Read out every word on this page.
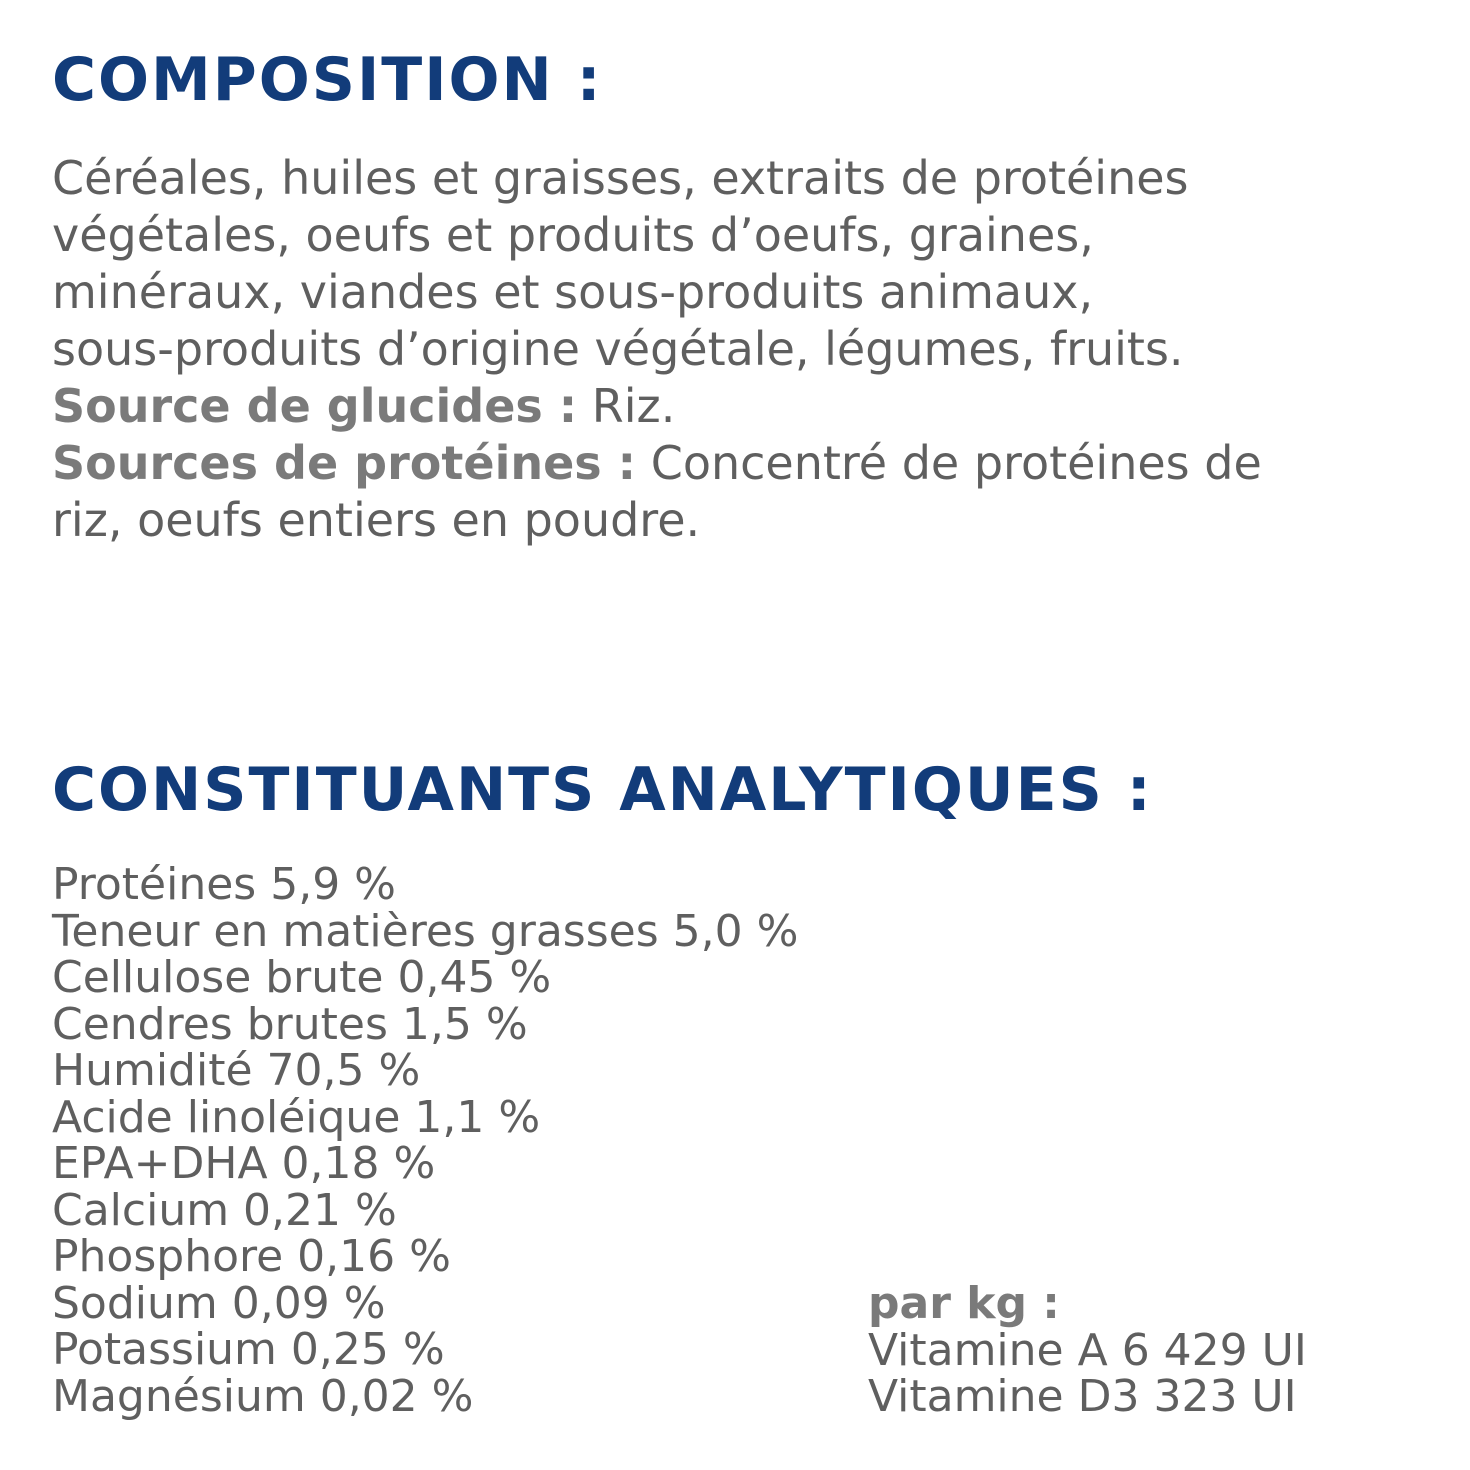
COMPOSITION :
Céréales, huiles et graisses, extraits de protéines
végétales, oeufs et produits d’oeufs, graines,
minéraux, viandes et sous-produits animaux,
sous-produits d’origine végétale, légumes, fruits.
Source de glucides : Riz.
Sources de protéines : Concentré de protéines de
riz, oeufs entiers en poudre.
CONSTITUANTS ANALYTIQUES :
Protéines 5,9 %
Teneur en matières grasses 5,0 %
Cellulose brute 0,45 %
Cendres brutes 1,5 %
Humidité 70,5 %
Acide linoléique 1,1 %
EPA+DHA 0,18 %
Calcium 0,21 %
Phosphore 0,16 %
Sodium 0,09 %
Potassium 0,25 %
Magnésium 0,02 %
par kg :
Vitamine A 6 429 UI
Vitamine D3 323 UI
